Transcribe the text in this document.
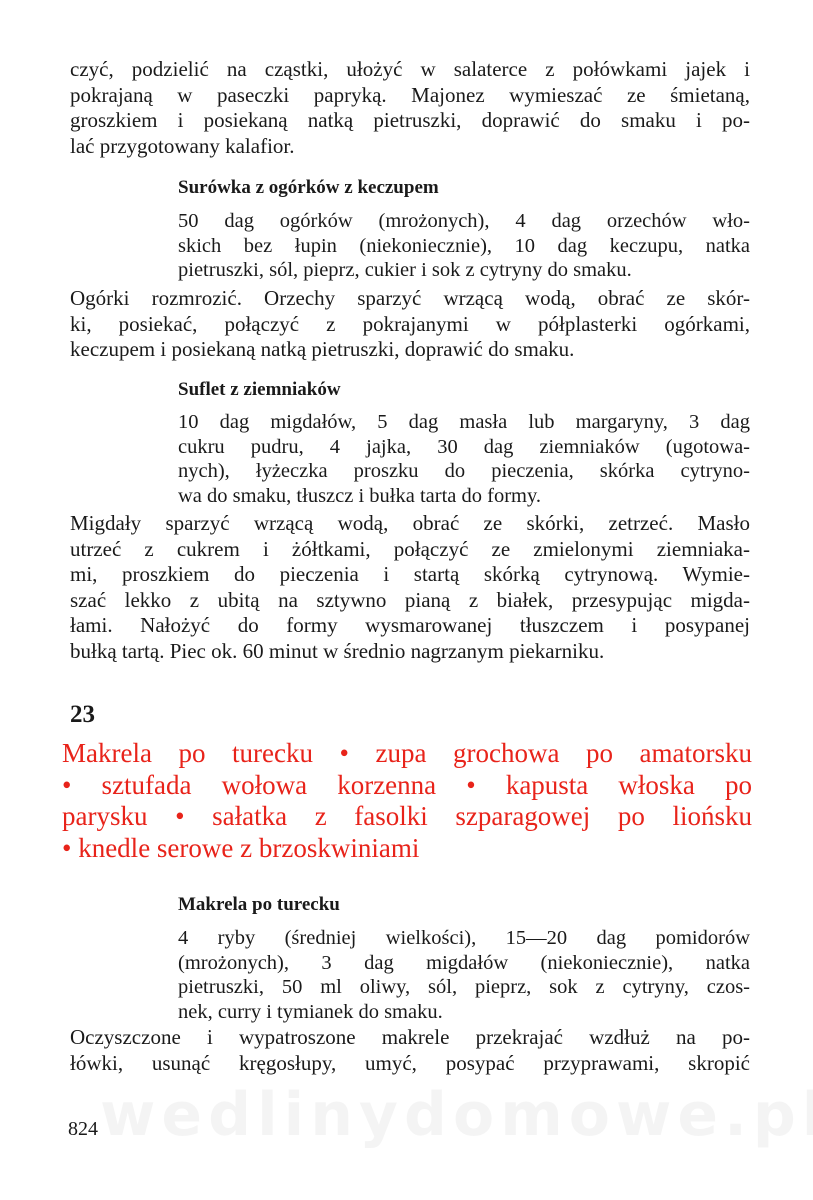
czyć, podzielić na cząstki, ułożyć w salaterce z połówkami jajek i
pokrajaną w paseczki papryką. Majonez wymieszać ze śmietaną,
groszkiem i posiekaną natką pietruszki, doprawić do smaku i po-
lać przygotowany kalafior.
Surówka z ogórków z keczupem
50 dag ogórków (mrożonych), 4 dag orzechów wło-
skich bez łupin (niekoniecznie), 10 dag keczupu, natka
pietruszki, sól, pieprz, cukier i sok z cytryny do smaku.
Ogórki rozmrozić. Orzechy sparzyć wrzącą wodą, obrać ze skór-
ki, posiekać, połączyć z pokrajanymi w półplasterki ogórkami,
keczupem i posiekaną natką pietruszki, doprawić do smaku.
Suflet z ziemniaków
10 dag migdałów, 5 dag masła lub margaryny, 3 dag
cukru pudru, 4 jajka, 30 dag ziemniaków (ugotowa-
nych), łyżeczka proszku do pieczenia, skórka cytryno-
wa do smaku, tłuszcz i bułka tarta do formy.
Migdały sparzyć wrzącą wodą, obrać ze skórki, zetrzeć. Masło
utrzeć z cukrem i żółtkami, połączyć ze zmielonymi ziemniaka-
mi, proszkiem do pieczenia i startą skórką cytrynową. Wymie-
szać lekko z ubitą na sztywno pianą z białek, przesypując migda-
łami. Nałożyć do formy wysmarowanej tłuszczem i posypanej
bułką tartą. Piec ok. 60 minut w średnio nagrzanym piekarniku.
23
Makrela po turecku • zupa grochowa po amatorsku
• sztufada wołowa korzenna • kapusta włoska po
parysku • sałatka z fasolki szparagowej po liońsku
• knedle serowe z brzoskwiniami
Makrela po turecku
4 ryby (średniej wielkości), 15—20 dag pomidorów
(mrożonych), 3 dag migdałów (niekoniecznie), natka
pietruszki, 50 ml oliwy, sól, pieprz, sok z cytryny, czos-
nek, curry i tymianek do smaku.
Oczyszczone i wypatroszone makrele przekrajać wzdłuż na po-
łówki, usunąć kręgosłupy, umyć, posypać przyprawami, skropić
824
